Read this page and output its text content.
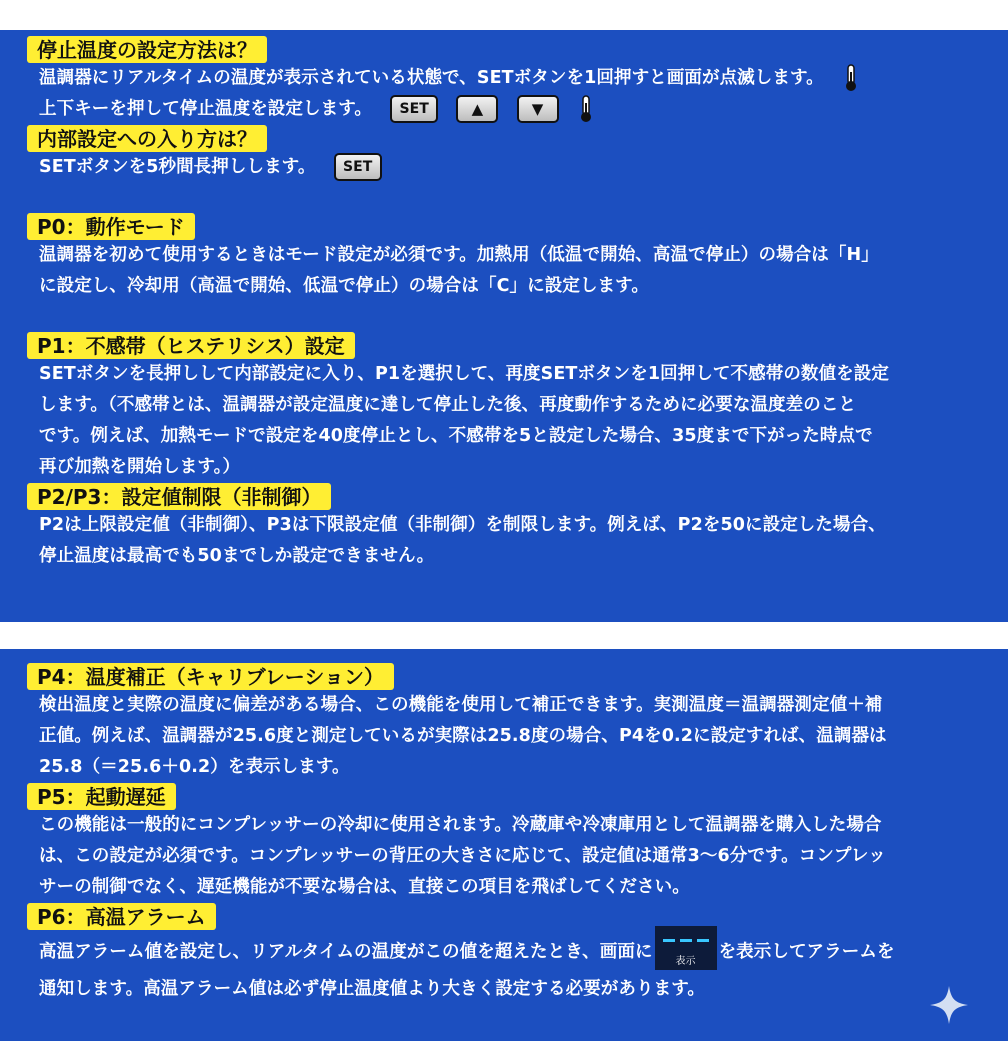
停止温度の設定方法は？
温調器にリアルタイムの温度が表示されている状態で、SETボタンを1回押すと画面が点滅します。
上下キーを押して停止温度を設定します。 SET	▲	▼
内部設定への入り方は？
SETボタンを5秒間長押しします。 SET
P0：動作モード
温調器を初めて使用するときはモード設定が必須です。加熱用（低温で開始、高温で停止）の場合は「H」
に設定し、冷却用（高温で開始、低温で停止）の場合は「C」に設定します。
P1：不感帯（ヒステリシス）設定
SETボタンを長押しして内部設定に入り、P1を選択して、再度SETボタンを1回押して不感帯の数値を設定
します。（不感帯とは、温調器が設定温度に達して停止した後、再度動作するために必要な温度差のこと
です。例えば、加熱モードで設定を40度停止とし、不感帯を5と設定した場合、35度まで下がった時点で
再び加熱を開始します。）
P2/P3：設定値制限（非制御）
P2は上限設定値（非制御）、P3は下限設定値（非制御）を制限します。例えば、P2を50に設定した場合、
停止温度は最高でも50までしか設定できません。
P4：温度補正（キャリブレーション）
検出温度と実際の温度に偏差がある場合、この機能を使用して補正できます。実測温度＝温調器測定値＋補
正値。例えば、温調器が25.6度と測定しているが実際は25.8度の場合、P4を0.2に設定すれば、温調器は
25.8（＝25.6＋0.2）を表示します。
P5：起動遅延
この機能は一般的にコンプレッサーの冷却に使用されます。冷蔵庫や冷凍庫用として温調器を購入した場合
は、この設定が必須です。コンプレッサーの背圧の大きさに応じて、設定値は通常3～6分です。コンプレッ
サーの制御でなく、遅延機能が不要な場合は、直接この項目を飛ばしてください。
P6：高温アラーム
高温アラーム値を設定し、リアルタイムの温度がこの値を超えたとき、画面に	表示	を表示してアラームを
通知します。高温アラーム値は必ず停止温度値より大きく設定する必要があります。
